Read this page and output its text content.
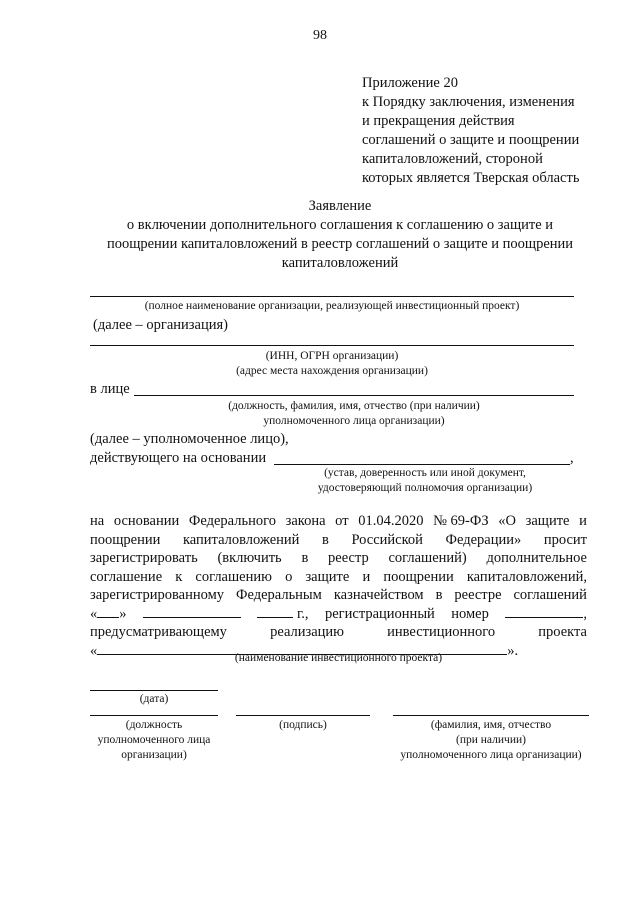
98
Приложение 20
к Порядку заключения, изменения
и прекращения действия
соглашений о защите и поощрении
капиталовложений, стороной
которых является Тверская область
Заявление
о включении дополнительного соглашения к соглашению о защите и
поощрении капиталовложений в реестр соглашений о защите и поощрении
капиталовложений
(полное наименование организации, реализующей инвестиционный проект)
(далее – организация)
(ИНН, ОГРН организации)
(адрес места нахождения организации)
в лице
(должность, фамилия, имя, отчество (при наличии)
уполномоченного лица организации)
(далее – уполномоченное лицо),
действующего на основании	,
(устав, доверенность или иной документ,
удостоверяющий полномочия организации)
на основании Федерального закона от 01.04.2020 № 69-ФЗ «О защите и
поощрении капиталовложений в Российской Федерации» просит
зарегистрировать (включить в реестр соглашений) дополнительное
соглашение к соглашению о защите и поощрении капиталовложений,
зарегистрированному Федеральным казначейством в реестре соглашений
« »	г., регистрационный номер	,
предусматривающему	реализацию	инвестиционного	проекта
«	».
(наименование инвестиционного проекта)
(дата)
(должность
уполномоченного лица
организации)
(подпись)	(фамилия, имя, отчество
(при наличии)
уполномоченного лица организации)
